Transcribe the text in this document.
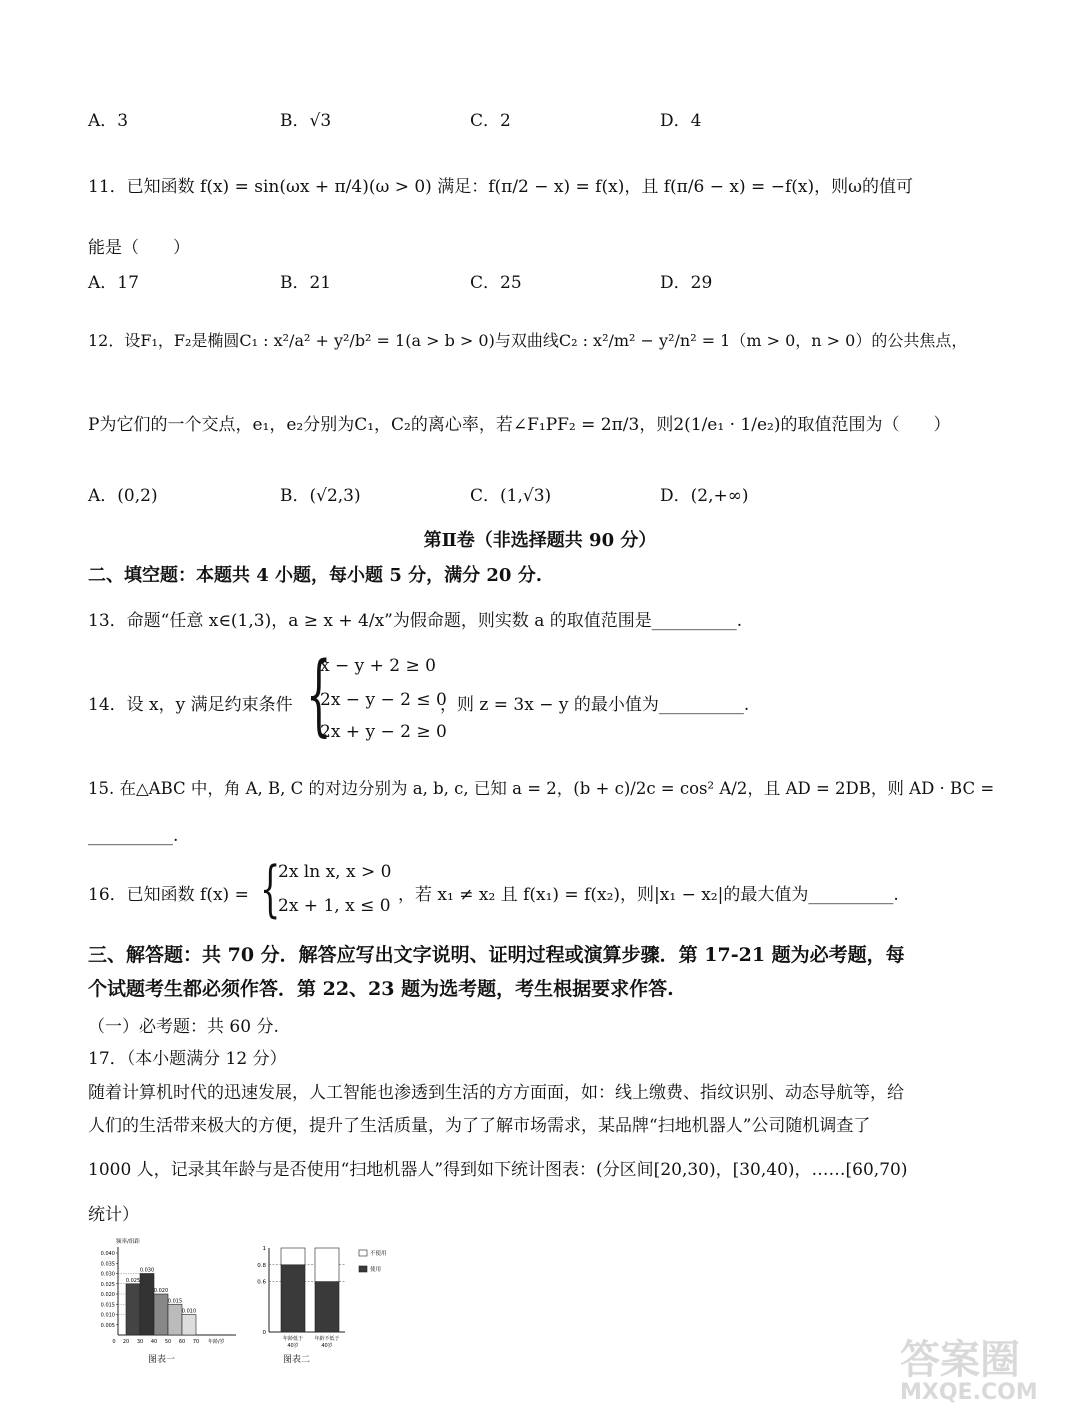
A．3	B．√3	C．2	D．4
11．已知函数 f(x) = sin(ωx + π/4)(ω > 0) 满足：f(π/2 − x) = f(x)，且 f(π/6 − x) = −f(x)，则ω的值可
能是（　　）
A．17	B．21	C．25	D．29
12．设F₁，F₂是椭圆C₁ : x²/a² + y²/b² = 1(a > b > 0)与双曲线C₂ : x²/m² − y²/n² = 1（m > 0，n > 0）的公共焦点，
P为它们的一个交点，e₁，e₂分别为C₁，C₂的离心率，若∠F₁PF₂ = 2π/3，则2(1/e₁ · 1/e₂)的取值范围为（　　）
A．(0,2)	B．(√2,3)	C．(1,√3)	D．(2,+∞)
第Ⅱ卷（非选择题共 90 分）
二、填空题：本题共 4 小题，每小题 5 分，满分 20 分.
13．命题“任意 x∈(1,3)，a ≥ x + 4/x”为假命题，则实数 a 的取值范围是__________.
14．设 x，y 满足约束条件 {
x − y + 2 ≥ 0
2x − y − 2 ≤ 0
2x + y − 2 ≥ 0
，则 z = 3x − y 的最小值为__________.
15. 在△ABC 中，角 A, B, C 的对边分别为 a, b, c, 已知 a = 2，(b + c)/2c = cos² A/2，且 AD = 2DB，则 AD · BC =
__________.
16．已知函数 f(x) = {
2x ln x, x > 0
2x + 1, x ≤ 0
，若 x₁ ≠ x₂ 且 f(x₁) = f(x₂)，则|x₁ − x₂|的最大值为__________.
三、解答题：共 70 分．解答应写出文字说明、证明过程或演算步骤．第 17-21 题为必考题，每
个试题考生都必须作答．第 22、23 题为选考题，考生根据要求作答.
（一）必考题：共 60 分.
17．（本小题满分 12 分）
随着计算机时代的迅速发展，人工智能也渗透到生活的方方面面，如：线上缴费、指纹识别、动态导航等，给
人们的生活带来极大的方便，提升了生活质量，为了了解市场需求，某品牌“扫地机器人”公司随机调查了
1000 人，记录其年龄与是否使用“扫地机器人”得到如下统计图表：(分区间[20,30)，[30,40)，……[60,70)
统计）
频率/组距
0.005
0.010
0.015
0.020
0.025
0.030
0.035
0.040
0 20 30 40 50 60 70 年龄/岁
0.025
0.030
0.020
0.015
0.010
图表一
0
0.6
0.8
1
年龄低于
40岁
年龄不低于
40岁
不使用
使用
图表二	答案圈
MXQE.COM
